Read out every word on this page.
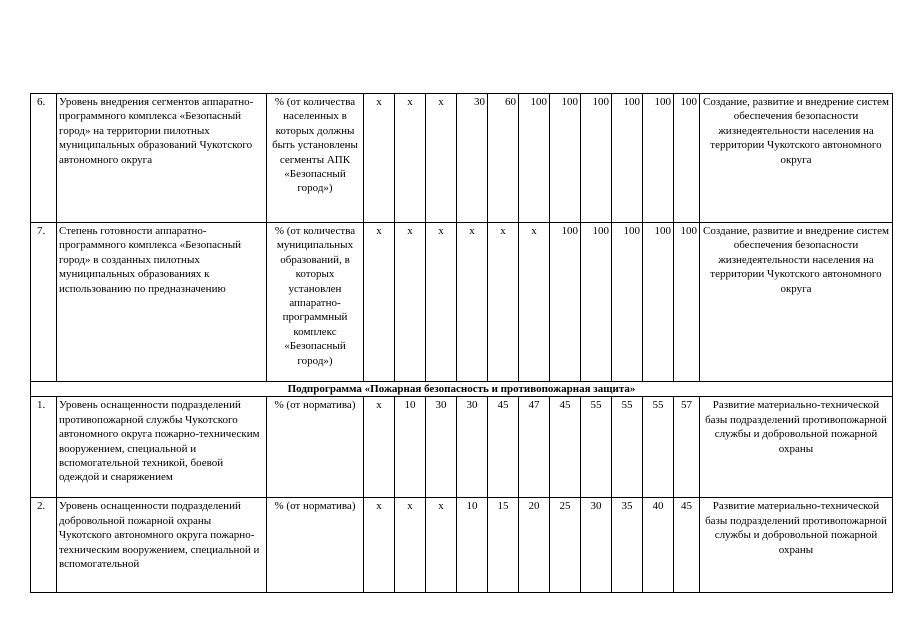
6.	Уровень внедрения сегментов аппаратно-программного комплекса «Безопасный город» на территории пилотных муниципальных образований Чукотского автономного округа	% (от количества населенных в которых должны быть установлены сегменты АПК «Безопасный город»)	х	х	х	30	60	100	100	100	100	100	100	Создание, развитие и внедрение систем обеспечения безопасности жизнедеятельности населения на территории Чукотского автономного округа
7.	Степень готовности аппаратно-программного комплекса «Безопасный город» в созданных пилотных муниципальных образованиях к использованию по предназначению	% (от количества муниципальных образований, в которых установлен аппаратно-программный комплекс «Безопасный город»)	х	х	х	х	х	х	100	100	100	100	100	Создание, развитие и внедрение систем обеспечения безопасности жизнедеятельности населения на территории Чукотского автономного округа
Подпрограмма «Пожарная безопасность и противопожарная защита»														
1.	Уровень оснащенности подразделений противопожарной службы Чукотского автономного округа пожарно-техническим вооружением, специальной и вспомогательной техникой, боевой одеждой и снаряжением	% (от норматива)	х	10	30	30	45	47	45	55	55	55	57	Развитие материально-технической базы подразделений противопожарной службы и добровольной пожарной охраны
2.	Уровень оснащенности подразделений добровольной пожарной охраны Чукотского автономного округа пожарно-техническим вооружением, специальной и вспомогательной	% (от норматива)	х	х	х	10	15	20	25	30	35	40	45	Развитие материально-технической базы подразделений противопожарной службы и добровольной пожарной охраны
